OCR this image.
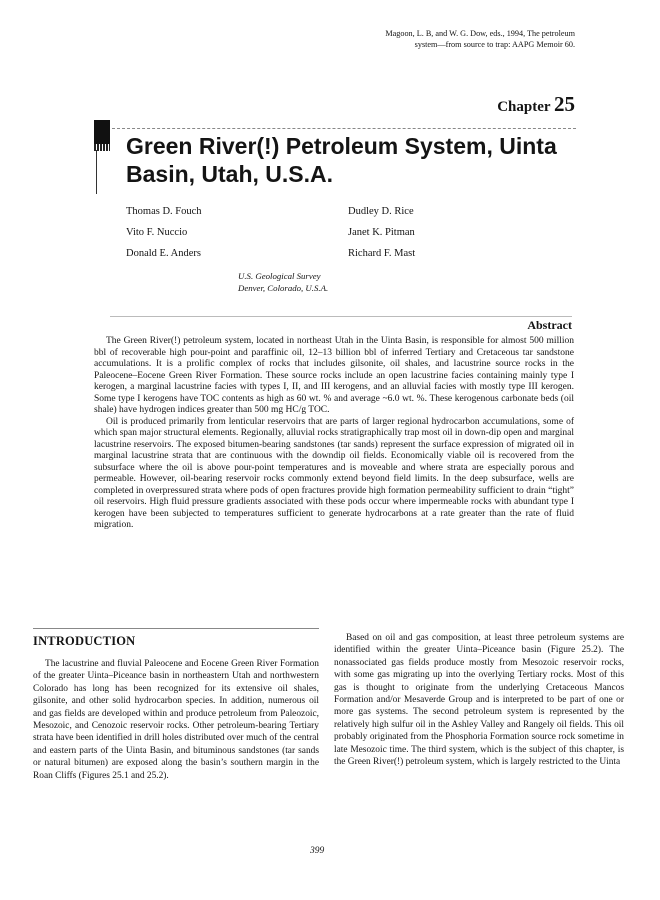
Magoon, L. B, and W. G. Dow, eds., 1994, The petroleum
system—from source to trap: AAPG Memoir 60.
Chapter 25
Green River(!) Petroleum System, Uinta
Basin, Utah, U.S.A.
Thomas D. Fouch
Vito F. Nuccio
Donald E. Anders
Dudley D. Rice
Janet K. Pitman
Richard F. Mast
U.S. Geological Survey
Denver, Colorado, U.S.A.
Abstract

The Green River(!) petroleum system, located in northeast Utah in the Uinta Basin, is responsible for almost 500 million bbl of recoverable high pour-point and paraffinic oil, 12–13 billion bbl of inferred Tertiary and Cretaceous tar sandstone accumulations. It is a prolific complex of rocks that includes gilsonite, oil shales, and lacustrine source rocks in the Paleocene–Eocene Green River Formation. These source rocks include an open lacustrine facies containing mainly type I kerogen, a marginal lacustrine facies with types I, II, and III kerogens, and an alluvial facies with mostly type III kerogen. Some type I kerogens have TOC contents as high as 60 wt. % and average ~6.0 wt. %. These kerogenous carbonate beds (oil shale) have hydrogen indices greater than 500 mg HC/g TOC.

Oil is produced primarily from lenticular reservoirs that are parts of larger regional hydrocarbon accumulations, some of which span major structural elements. Regionally, alluvial rocks stratigraphically trap most oil in down-dip open and marginal lacustrine reservoirs. The exposed bitumen-bearing sandstones (tar sands) represent the surface expression of migrated oil in marginal lacustrine strata that are continuous with the downdip oil fields. Economically viable oil is recovered from the subsurface where the oil is above pour-point temperatures and is moveable and where strata are especially porous and permeable. However, oil-bearing reservoir rocks commonly extend beyond field limits. In the deep subsurface, wells are completed in overpressured strata where pods of open fractures provide high formation permeability sufficient to drain “tight” oil reservoirs. High fluid pressure gradients associated with these pods occur where impermeable rocks with abundant type I kerogen have been subjected to temperatures sufficient to generate hydrocarbons at a rate greater than the rate of fluid migration.

INTRODUCTION

The lacustrine and fluvial Paleocene and Eocene Green River Formation of the greater Uinta–Piceance basin in northeastern Utah and northwestern Colorado has long has been recognized for its extensive oil shales, gilsonite, and other solid hydrocarbon species. In addition, numerous oil and gas fields are developed within and produce petroleum from Paleozoic, Mesozoic, and Cenozoic reservoir rocks. Other petroleum-bearing Tertiary strata have been identified in drill holes distributed over much of the central and eastern parts of the Uinta Basin, and bituminous sandstones (tar sands or natural bitumen) are exposed along the basin’s southern margin in the Roan Cliffs (Figures 25.1 and 25.2).

Based on oil and gas composition, at least three petroleum systems are identified within the greater Uinta–Piceance basin (Figure 25.2). The nonassociated gas fields produce mostly from Mesozoic reservoir rocks, with some gas migrating up into the overlying Tertiary rocks. Most of this gas is thought to originate from the underlying Cretaceous Mancos Formation and/or Mesaverde Group and is interpreted to be part of one or more gas systems. The second petroleum system is represented by the relatively high sulfur oil in the Ashley Valley and Rangely oil fields. This oil probably originated from the Phosphoria Formation source rock sometime in late Mesozoic time. The third system, which is the subject of this chapter, is the Green River(!) petroleum system, which is largely restricted to the Uinta

399
